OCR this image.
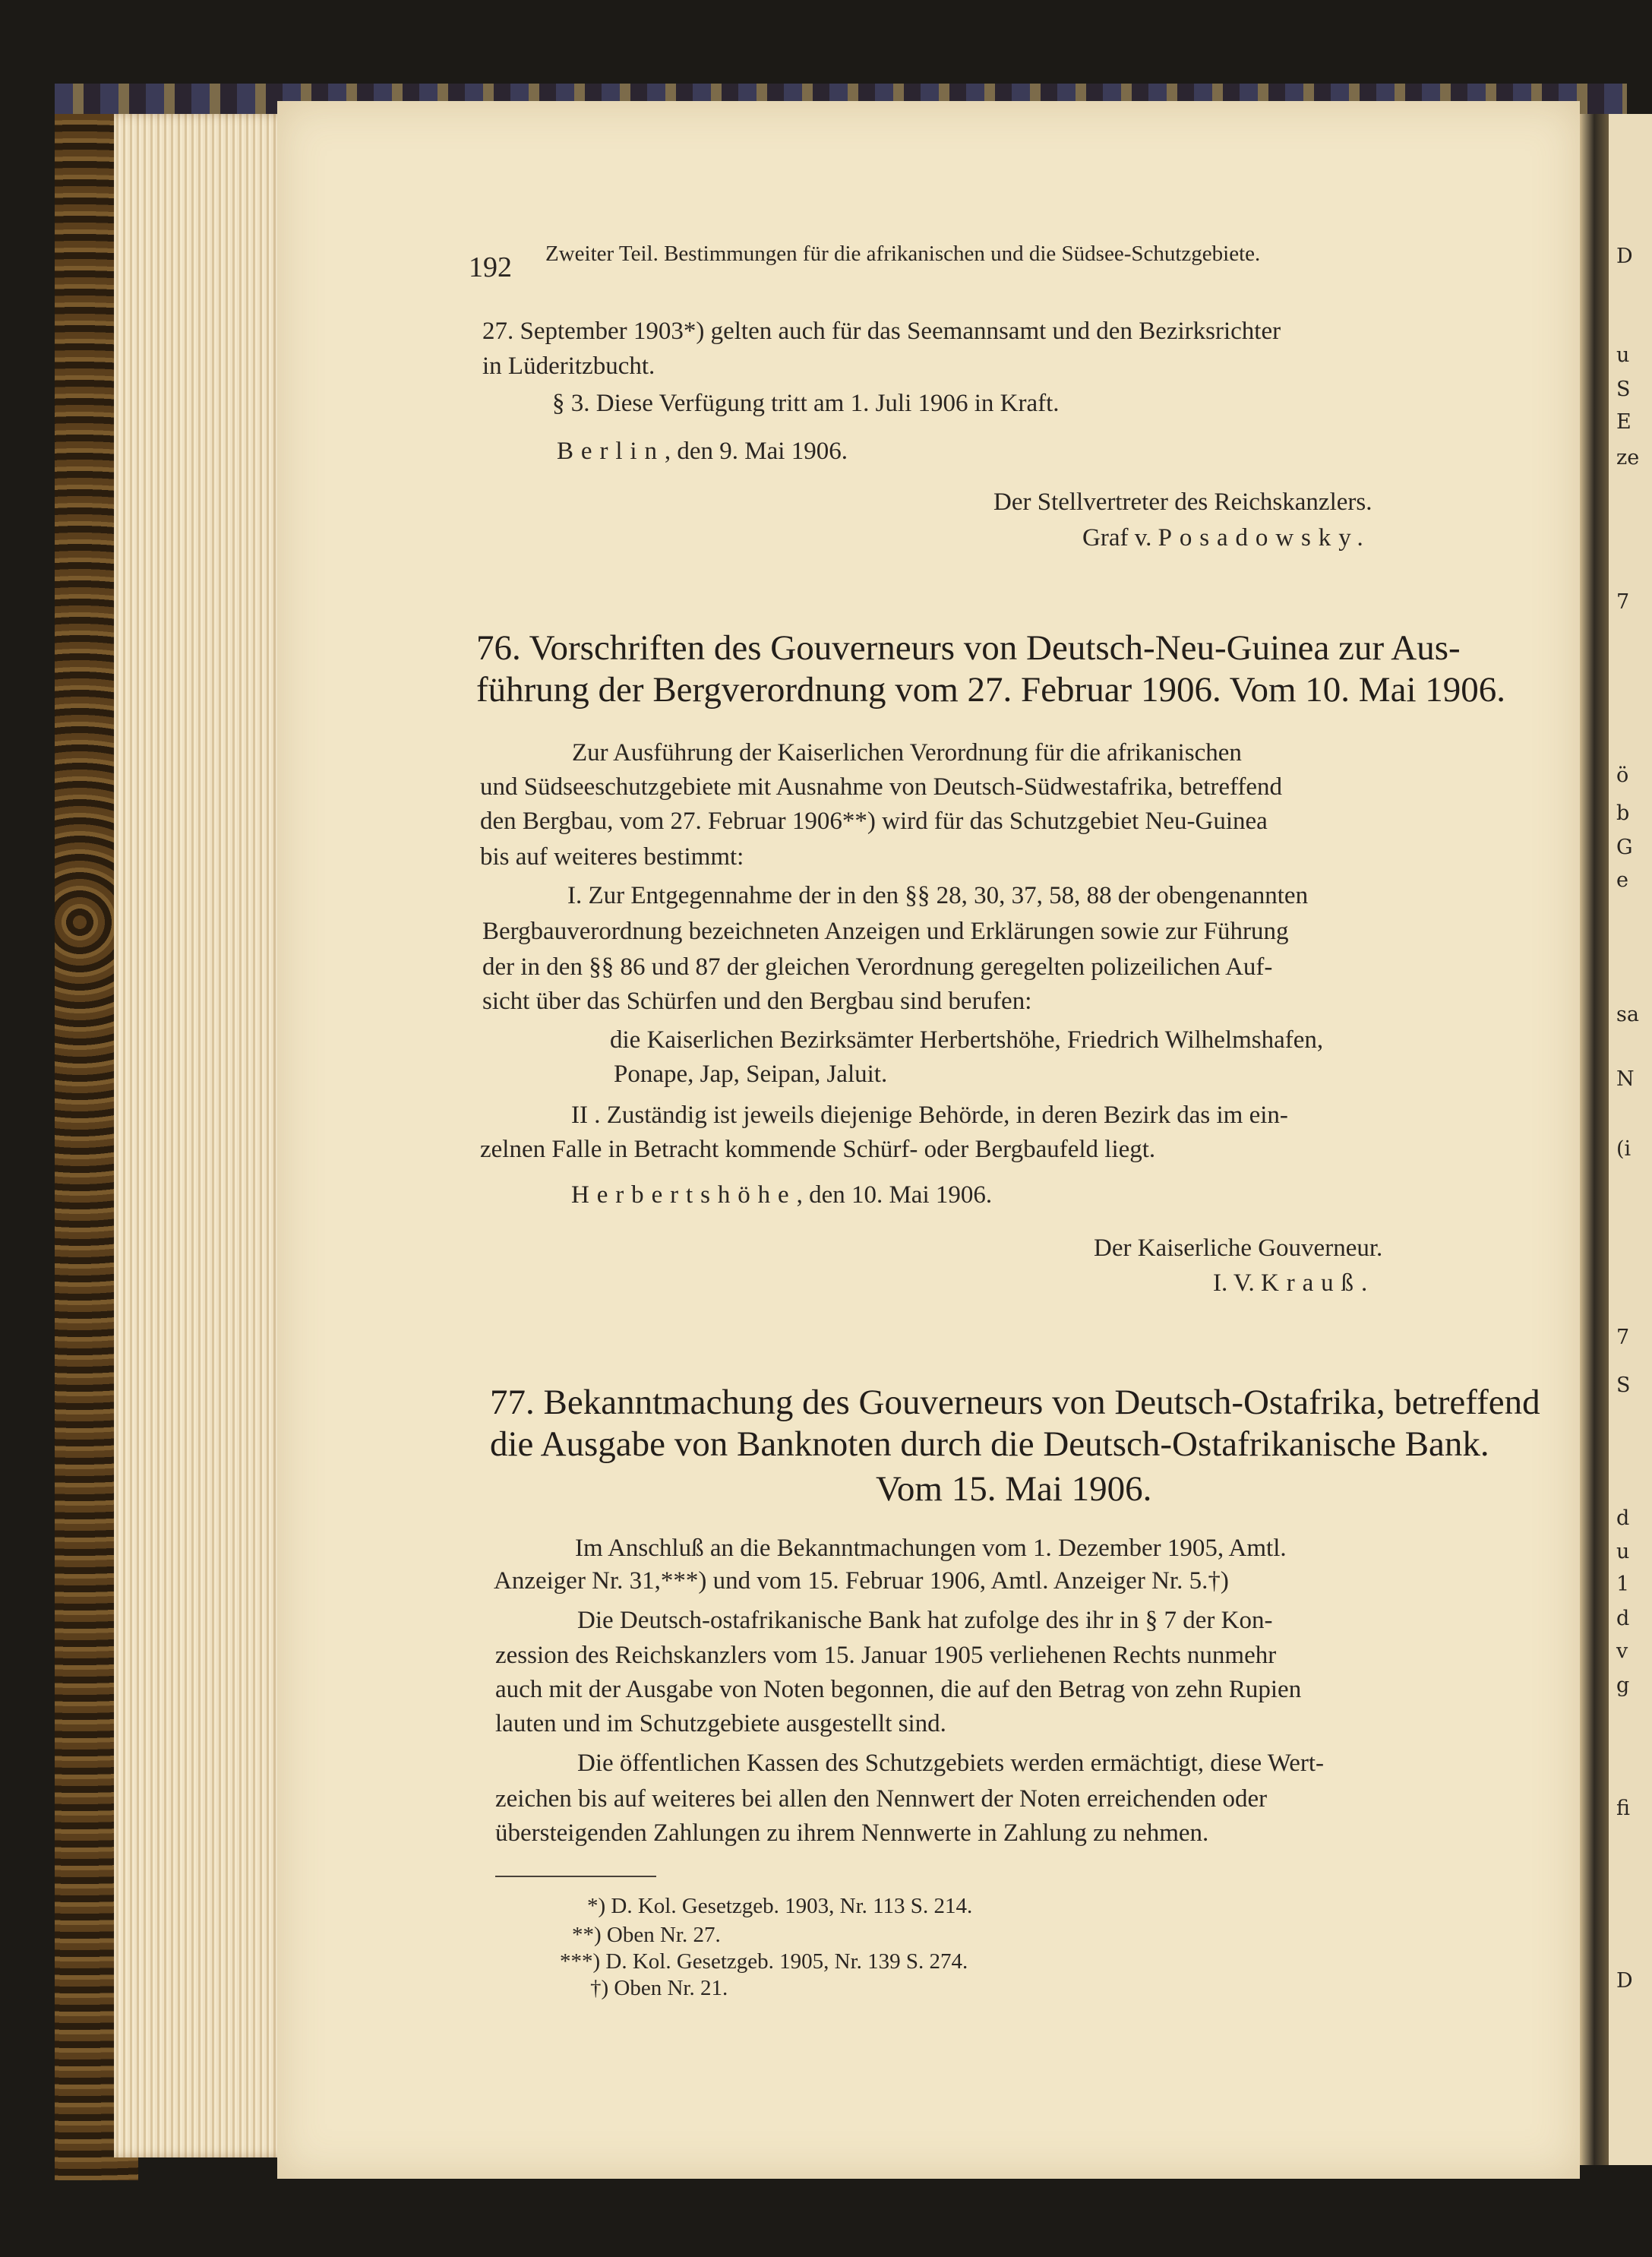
D
u
S
E
ze
7
ö
b
G
e
sa
N
(i
7
S
d
u
1
d
v
g
fi
D

192 Zweiter Teil. Bestimmungen für die afrikanischen und die Südsee-Schutzgebiete.

27. September 1903*) gelten auch für das Seemannsamt und den Bezirksrichter

in Lüderitzbucht.

§ 3. Diese Verfügung tritt am 1. Juli 1906 in Kraft.

Berlin, den 9. Mai 1906.

Der Stellvertreter des Reichskanzlers.

Graf v. Posadowsky.

76. Vorschriften des Gouverneurs von Deutsch-Neu-Guinea zur Aus-

führung der Bergverordnung vom 27. Februar 1906. Vom 10. Mai 1906.

Zur Ausführung der Kaiserlichen Verordnung für die afrikanischen

und Südseeschutzgebiete mit Ausnahme von Deutsch-Südwestafrika, betreffend

den Bergbau, vom 27. Februar 1906**) wird für das Schutzgebiet Neu-Guinea

bis auf weiteres bestimmt:

I. Zur Entgegennahme der in den §§ 28, 30, 37, 58, 88 der obengenannten

Bergbauverordnung bezeichneten Anzeigen und Erklärungen sowie zur Führung

der in den §§ 86 und 87 der gleichen Verordnung geregelten polizeilichen Auf-

sicht über das Schürfen und den Bergbau sind berufen:

die Kaiserlichen Bezirksämter Herbertshöhe, Friedrich Wilhelmshafen,

Ponape, Jap, Seipan, Jaluit.

II . Zuständig ist jeweils diejenige Behörde, in deren Bezirk das im ein-

zelnen Falle in Betracht kommende Schürf- oder Bergbaufeld liegt.

Herbertshöhe, den 10. Mai 1906.

Der Kaiserliche Gouverneur.

I. V. Krauß.

77. Bekanntmachung des Gouverneurs von Deutsch-Ostafrika, betreffend

die Ausgabe von Banknoten durch die Deutsch-Ostafrikanische Bank.

Vom 15. Mai 1906.

Im Anschluß an die Bekanntmachungen vom 1. Dezember 1905, Amtl.

Anzeiger Nr. 31,***) und vom 15. Februar 1906, Amtl. Anzeiger Nr. 5.†)

Die Deutsch-ostafrikanische Bank hat zufolge des ihr in § 7 der Kon-

zession des Reichskanzlers vom 15. Januar 1905 verliehenen Rechts nunmehr

auch mit der Ausgabe von Noten begonnen, die auf den Betrag von zehn Rupien

lauten und im Schutzgebiete ausgestellt sind.

Die öffentlichen Kassen des Schutzgebiets werden ermächtigt, diese Wert-

zeichen bis auf weiteres bei allen den Nennwert der Noten erreichenden oder

übersteigenden Zahlungen zu ihrem Nennwerte in Zahlung zu nehmen.

*) D. Kol. Gesetzgeb. 1903, Nr. 113 S. 214.

**) Oben Nr. 27.

***) D. Kol. Gesetzgeb. 1905, Nr. 139 S. 274.

†) Oben Nr. 21.
